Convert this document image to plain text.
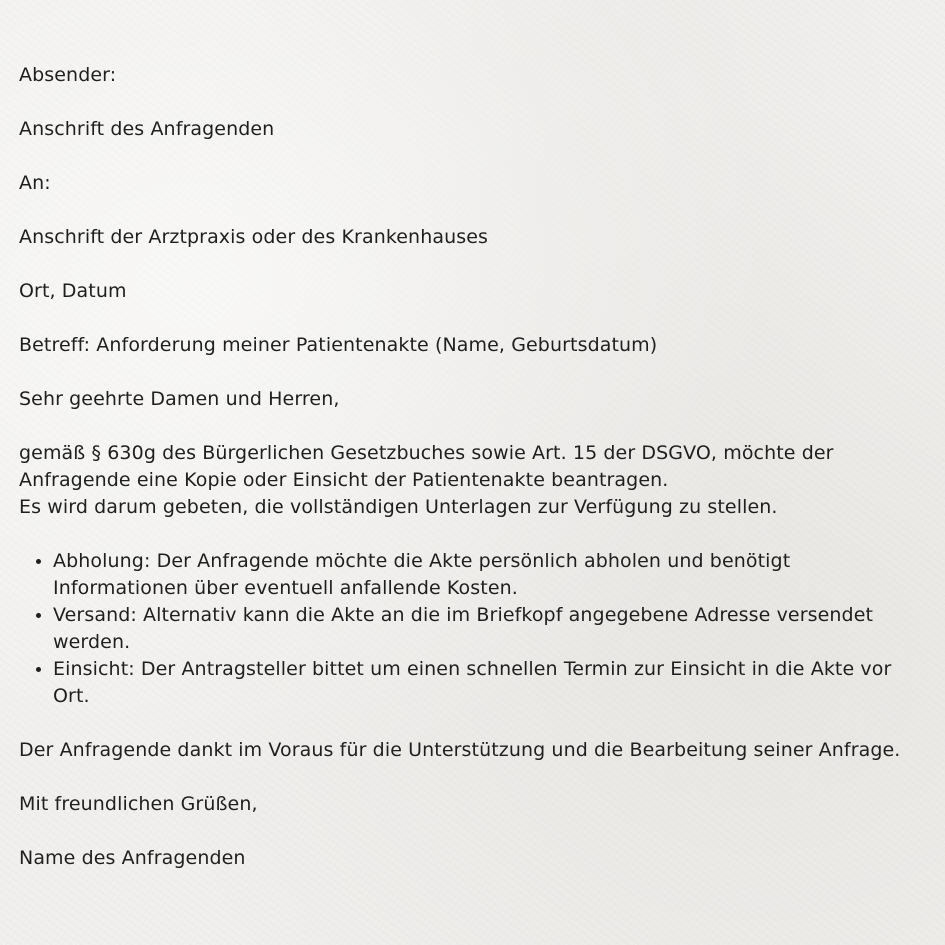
Absender:

Anschrift des Anfragenden

An:

Anschrift der Arztpraxis oder des Krankenhauses

Ort, Datum

Betreff: Anforderung meiner Patientenakte (Name, Geburtsdatum)

Sehr geehrte Damen und Herren,

gemäß § 630g des Bürgerlichen Gesetzbuches sowie Art. 15 der DSGVO, möchte der Anfragende eine Kopie oder Einsicht der Patientenakte beantragen.
Es wird darum gebeten, die vollständigen Unterlagen zur Verfügung zu stellen.

• Abholung: Der Anfragende möchte die Akte persönlich abholen und benötigt Informationen über eventuell anfallende Kosten.
• Versand: Alternativ kann die Akte an die im Briefkopf angegebene Adresse versendet werden.
• Einsicht: Der Antragsteller bittet um einen schnellen Termin zur Einsicht in die Akte vor Ort.

Der Anfragende dankt im Voraus für die Unterstützung und die Bearbeitung seiner Anfrage.

Mit freundlichen Grüßen,

Name des Anfragenden
